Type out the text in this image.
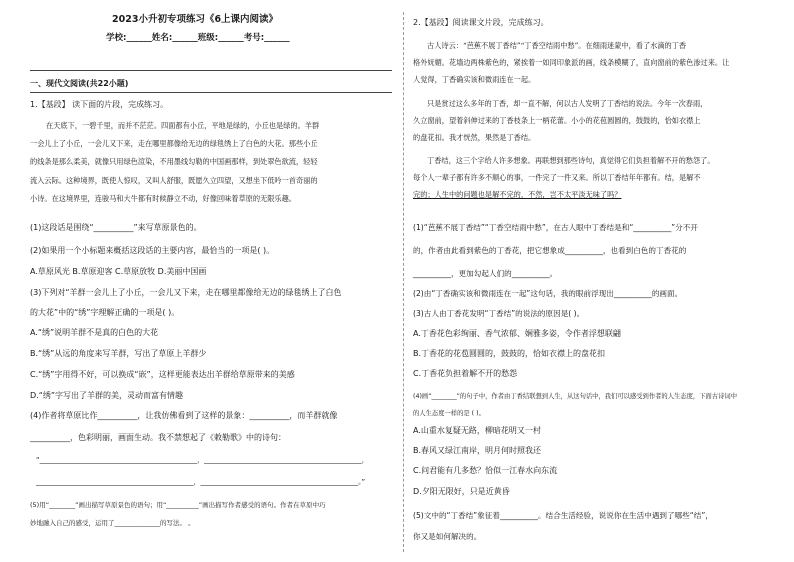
2023小升初专项练习《6上课内阅读》
学校:______姓名:______班级:______考号:______
一、现代文阅读(共22小题)
1.【基段】 读下面的片段，完成练习。
在天底下，一碧千里，而并不茫茫。四面都有小丘，平地是绿的，小丘也是绿的。羊群
一会儿上了小丘，一会儿又下来，走在哪里都像给无边的绿毯绣上了白色的大花。那些小丘
的线条是那么柔美，就像只用绿色渲染，不用墨线勾勒的中国画那样，到处翠色欲流，轻轻
流入云际。这种境界，既使人惊叹，又叫人舒服，既愿久立四望，又想坐下低吟一首奇丽的
小诗。在这境界里，连骏马和大牛都有时候静立不动，好像回味着草原的无限乐趣。
(1)这段话是围绕“__________”来写草原景色的。
(2)如果用一个小标题来概括这段话的主要内容，最恰当的一项是( )。
A.草原风光 B.草原迎客 C.草原放牧 D.美丽中国画
(3)下列对“羊群一会儿上了小丘，一会儿又下来，走在哪里都像给无边的绿毯绣上了白色
的大花”中的“绣”字理解正确的一项是( )。
A.“绣”说明羊群不是真的白色的大花
B.“绣”从远的角度来写羊群，写出了草原上羊群少
C.“绣”字用得不好，可以换成“嵌”，这样更能表达出羊群给草原带来的美感
D.“绣”字写出了羊群的美，灵动而富有情趣
(4)作者将草原比作__________，让我仿佛看到了这样的景象：__________，而羊群就像
__________，色彩明丽，画面生动。我不禁想起了《敕勒歌》中的诗句：
“_____________________________________________，_____________________________________________，
_____________________________________________，_____________________________________________。”
(5)用“________”画出描写草原景色的语句；用“__________”画出描写作者感受的语句。作者在草原中巧
妙地融入自己的感受，运用了______________的写法。 。
2.【基段】阅读课文片段，完成练习。
古人诗云：“芭蕉不展丁香结”“丁香空结雨中愁”。在细雨迷蒙中，看了水滴的丁香
格外妩媚。花墙边两株紫色的，紧挨着一如同印象派的画，线条模糊了，直向窗前的紫色渗过来。让
人觉得，丁香确实该和微雨连在一起。
只是赏过这么多年的丁香，却一直不解，何以古人发明了丁香结的说法。今年一次春雨，
久立窗前，望着斜伸过来的丁香枝条上一柄花蕾。小小的花苞圆圆的，鼓鼓的，恰如衣襟上
的盘花扣。我才恍然，果然是丁香结。
丁香结，这三个字给人许多想象。再联想到那些诗句，真觉得它们负担着解不开的愁怨了。
每个人一辈子都有许多不顺心的事，一件完了一件又来。所以丁香结年年都有。结，是解不
完的；人生中的问题也是解不完的，不然，岂不太平淡无味了吗？
(1)“芭蕉不展丁香结”“丁香空结雨中愁”，在古人眼中丁香结是和“__________”分不开
的，作者由此看到紫色的丁香花，把它想象成__________，也看到白色的丁香花的
__________，更加勾起人们的__________。
(2)由“丁香确实该和微雨连在一起”这句话，我的眼前浮现出__________的画面。
(3)古人由丁香花发明“丁香结”的说法的原因是( )。
A.丁香花色彩绚丽、香气浓郁、娴雅多姿，令作者浮想联翩
B.丁香花的花苞圆圆的，鼓鼓的，恰如衣襟上的盘花扣
C.丁香花负担着解不开的愁怨
(4)画“________”的句子中，作者由丁香结联想到人生，从这句话中，我们可以感受到作者的人生态度，下面古诗词中
的人生态度一样的是 ( )。
A.山重水复疑无路，柳暗花明又一村
B.春风又绿江南岸，明月何时照我还
C.问君能有几多愁？恰似一江春水向东流
D.夕阳无限好，只是近黄昏
(5)文中的“丁香结”象征着__________。结合生活经验，说说你在生活中遇到了哪些“结”，
你又是如何解决的。
